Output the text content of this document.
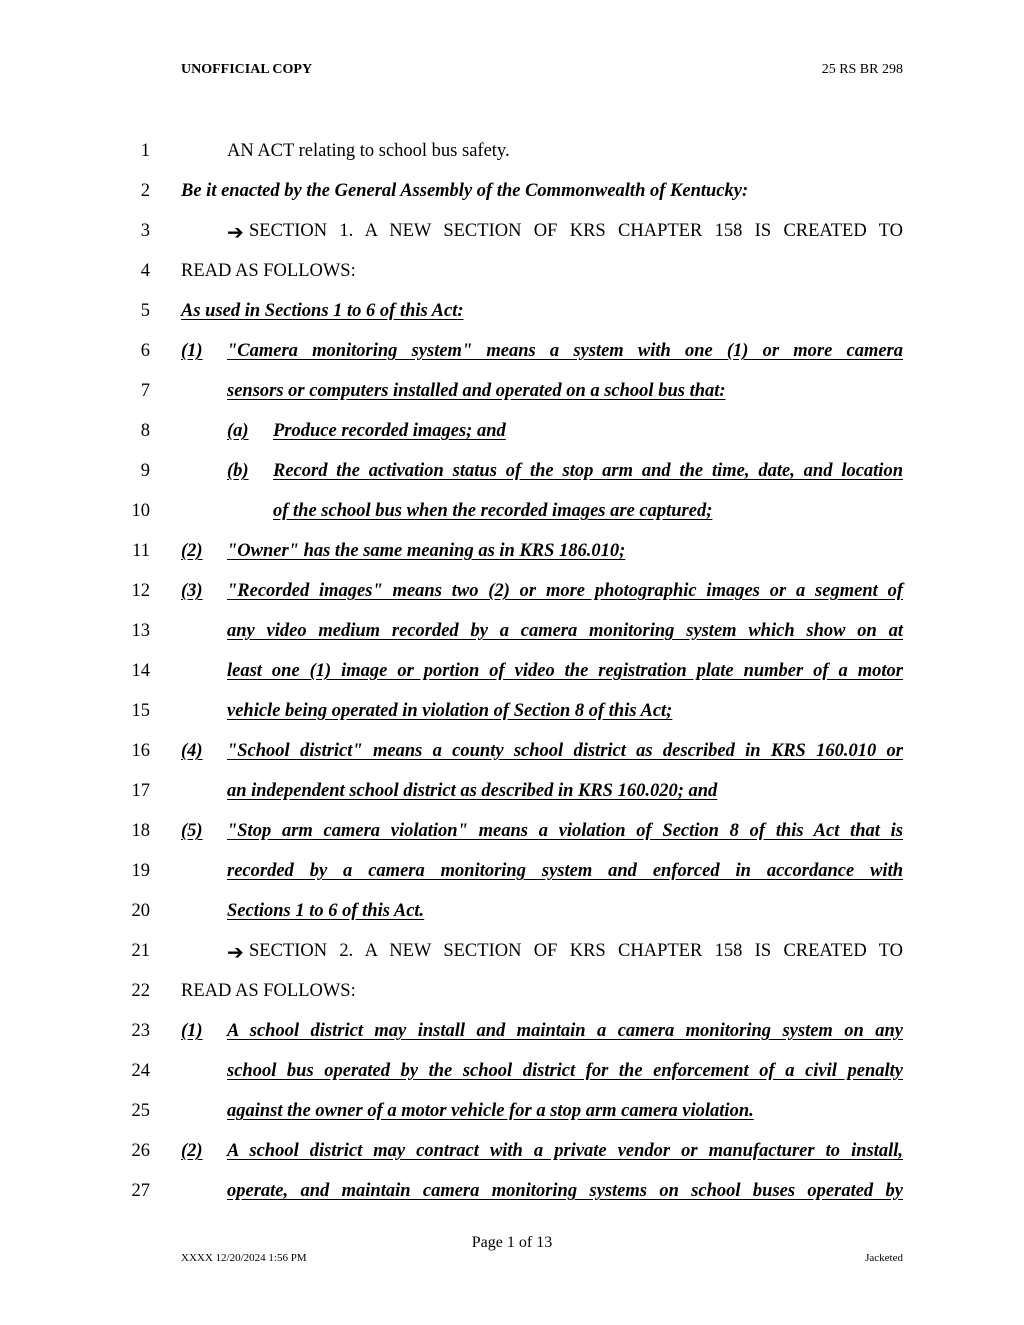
UNOFFICIAL COPY	25 RS BR 298
1	AN ACT relating to school bus safety.
2 Be it enacted by the General Assembly of the Commonwealth of Kentucky:
3	➔ SECTION 1. A NEW SECTION OF KRS CHAPTER 158 IS CREATED TO
4 READ AS FOLLOWS:
5 As used in Sections 1 to 6 of this Act:
6 (1) "Camera monitoring system" means a system with one (1) or more camera
7	sensors or computers installed and operated on a school bus that:
8	(a) Produce recorded images; and
9	(b) Record the activation status of the stop arm and the time, date, and location
10	of the school bus when the recorded images are captured;
11 (2) "Owner" has the same meaning as in KRS 186.010;
12 (3) "Recorded images" means two (2) or more photographic images or a segment of
13	any video medium recorded by a camera monitoring system which show on at
14	least one (1) image or portion of video the registration plate number of a motor
15	vehicle being operated in violation of Section 8 of this Act;
16 (4) "School district" means a county school district as described in KRS 160.010 or
17	an independent school district as described in KRS 160.020; and
18 (5) "Stop arm camera violation" means a violation of Section 8 of this Act that is
19	recorded by a camera monitoring system and enforced in accordance with
20	Sections 1 to 6 of this Act.
21	➔ SECTION 2. A NEW SECTION OF KRS CHAPTER 158 IS CREATED TO
22 READ AS FOLLOWS:
23 (1) A school district may install and maintain a camera monitoring system on any
24	school bus operated by the school district for the enforcement of a civil penalty
25	against the owner of a motor vehicle for a stop arm camera violation.
26 (2) A school district may contract with a private vendor or manufacturer to install,
27	operate, and maintain camera monitoring systems on school buses operated by
Page 1 of 13
XXXX 12/20/2024 1:56 PM	Jacketed
